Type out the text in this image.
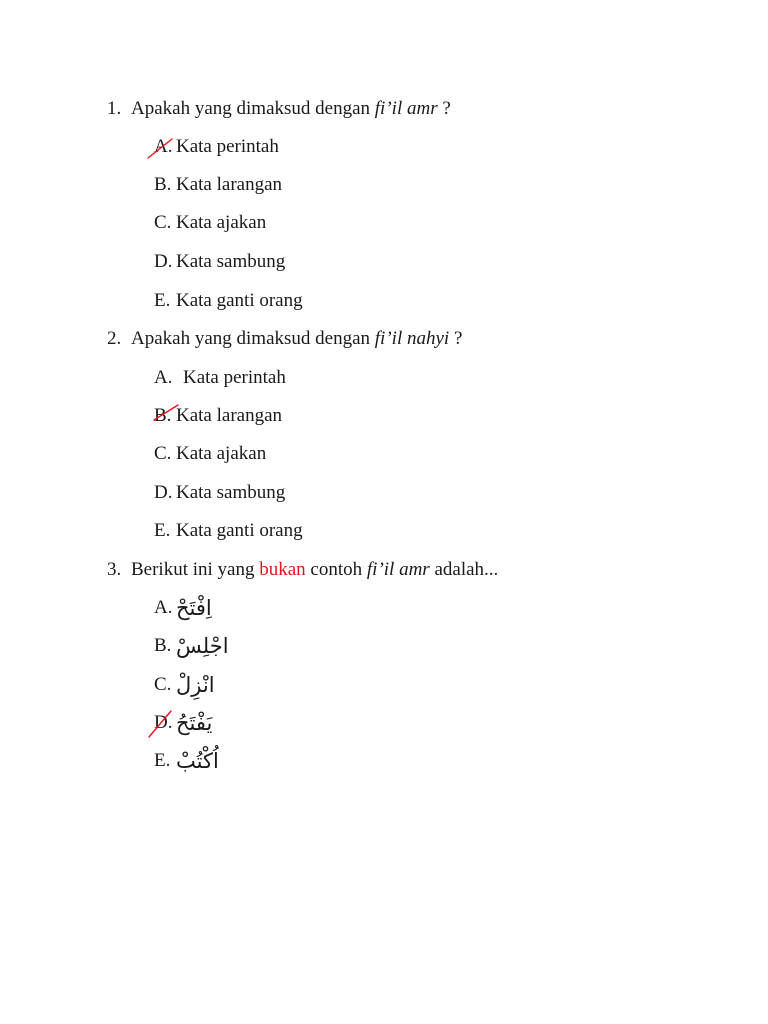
1. Apakah yang dimaksud dengan fi’il amr ?
A. Kata perintah
B. Kata larangan
C. Kata ajakan
D. Kata sambung
E. Kata ganti orang
2. Apakah yang dimaksud dengan fi’il nahyi ?
A. Kata perintah
B. Kata larangan
C. Kata ajakan
D. Kata sambung
E. Kata ganti orang
3. Berikut ini yang bukan contoh fi’il amr adalah...
A. اِفْتَحْ
B. اجْلِسْ
C. انْزِلْ
D. يَفْتَحُ
E. اُكْتُبْ
